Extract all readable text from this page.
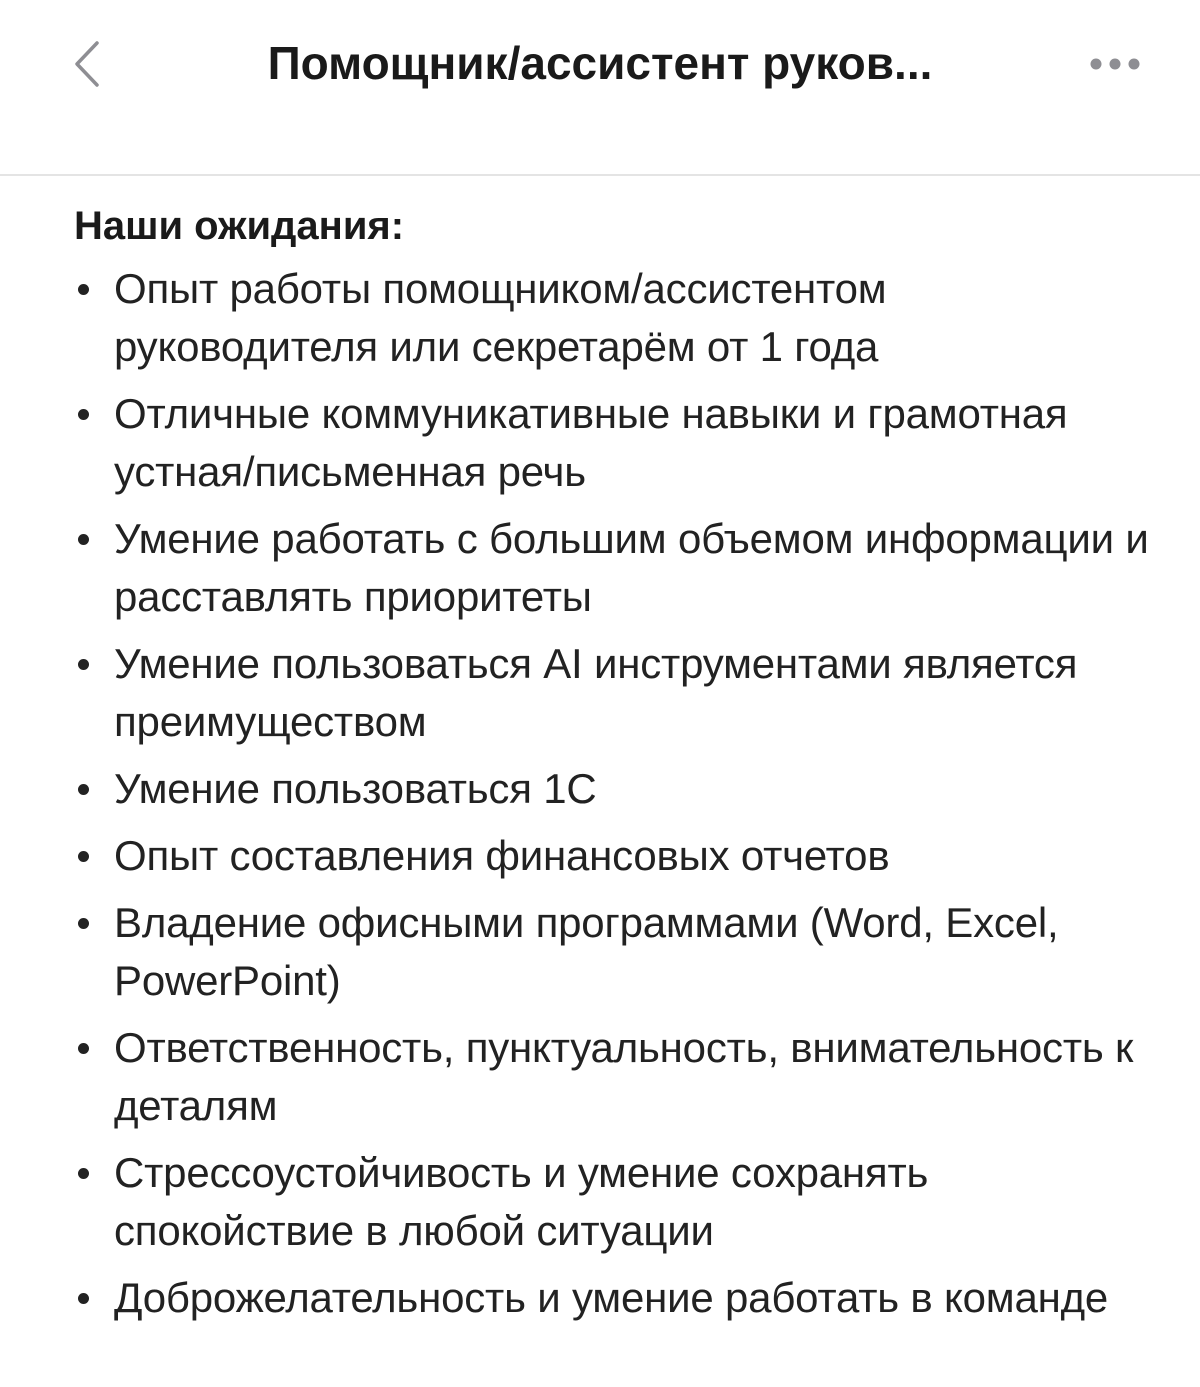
Помощник/ассистент руков...
Наши ожидания:
Опыт работы помощником/ассистентом руководителя или секретарём от 1 года
Отличные коммуникативные навыки и грамотная устная/письменная речь
Умение работать с большим объемом информации и расставлять приоритеты
Умение пользоваться AI инструментами является преимуществом
Умение пользоваться 1С
Опыт составления финансовых отчетов
Владение офисными программами (Word, Excel, PowerPoint)
Ответственность, пунктуальность, внимательность к деталям
Стрессоустойчивость и умение сохранять спокойствие в любой ситуации
Доброжелательность и умение работать в команде
